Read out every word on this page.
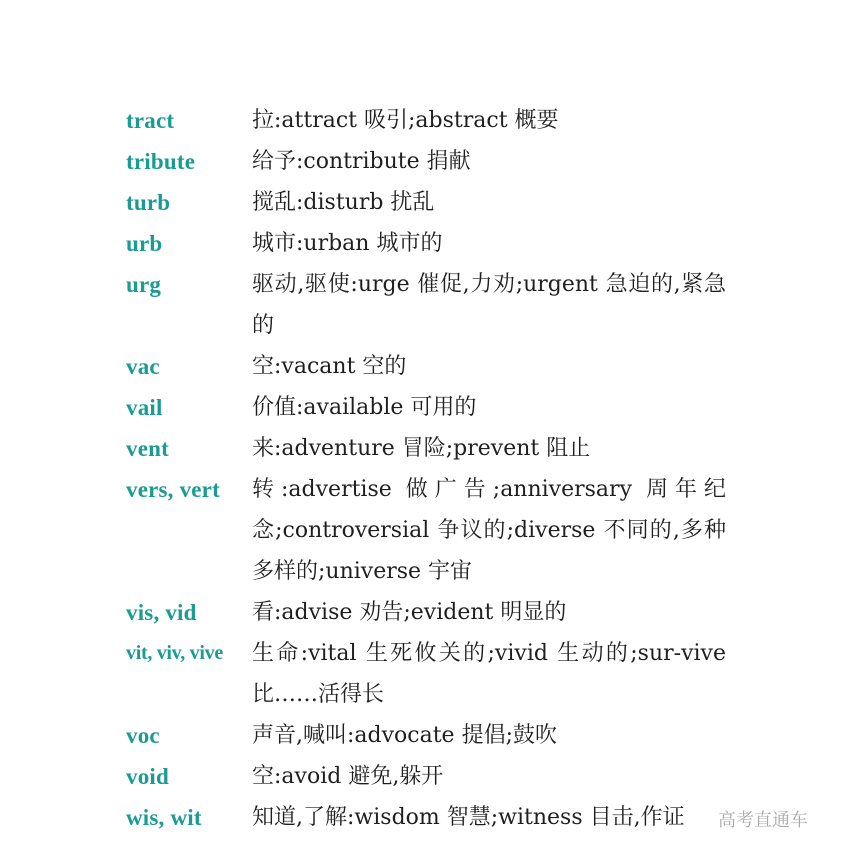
tract	拉:attract 吸引;abstract 概要
tribute	给予:contribute 捐献
turb	搅乱:disturb 扰乱
urb	城市:urban 城市的
urg	驱动,驱使:urge 催促,力劝;urgent 急迫的,紧急的
vac	空:vacant 空的
vail	价值:available 可用的
vent	来:adventure 冒险;prevent 阻止
vers, vert	转:advertise 做广告;anniversary 周年纪念;controversial 争议的;diverse 不同的,多种多样的;universe 宇宙
vis, vid	看:advise 劝告;evident 明显的
vit, viv, vive	生命:vital 生死攸关的;vivid 生动的;sur-vive 比……活得长
voc	声音,喊叫:advocate 提倡;鼓吹
void	空:avoid 避免,躲开
wis, wit	知道,了解:wisdom 智慧;witness 目击,作证	高考直通车
